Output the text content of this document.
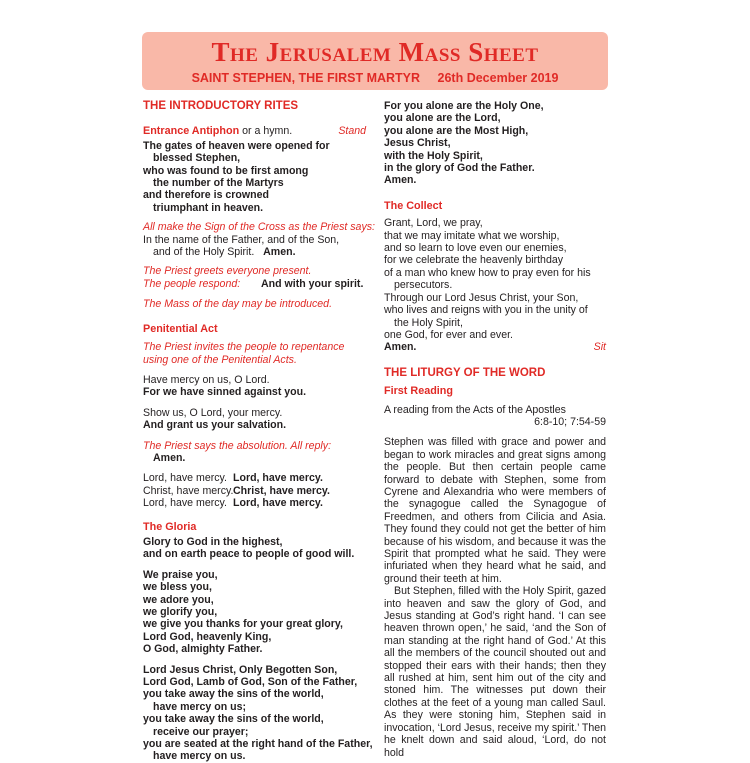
The Jerusalem Mass Sheet
SAINT STEPHEN, THE FIRST MARTYR 26th December 2019
THE INTRODUCTORY RITES
Entrance Antiphon or a hymn.	Stand
The gates of heaven were opened for
blessed Stephen,
who was found to be first among
the number of the Martyrs
and therefore is crowned
triumphant in heaven.
All make the Sign of the Cross as the Priest says:
In the name of the Father, and of the Son,
and of the Holy Spirit. Amen.
The Priest greets everyone present.
The people respond:	And with your spirit.
The Mass of the day may be introduced.
Penitential Act
The Priest invites the people to repentance
using one of the Penitential Acts.
Have mercy on us, O Lord.
For we have sinned against you.
Show us, O Lord, your mercy.
And grant us your salvation.
The Priest says the absolution. All reply:
Amen.
Lord, have mercy. Lord, have mercy.
Christ, have mercy.Christ, have mercy.
Lord, have mercy. Lord, have mercy.
The Gloria
Glory to God in the highest,
and on earth peace to people of good will.
We praise you,
we bless you,
we adore you,
we glorify you,
we give you thanks for your great glory,
Lord God, heavenly King,
O God, almighty Father.
Lord Jesus Christ, Only Begotten Son,
Lord God, Lamb of God, Son of the Father,
you take away the sins of the world,
have mercy on us;
you take away the sins of the world,
receive our prayer;
you are seated at the right hand of the Father,
have mercy on us.
For you alone are the Holy One,
you alone are the Lord,
you alone are the Most High,
Jesus Christ,
with the Holy Spirit,
in the glory of God the Father.
Amen.
The Collect
Grant, Lord, we pray,
that we may imitate what we worship,
and so learn to love even our enemies,
for we celebrate the heavenly birthday
of a man who knew how to pray even for his
persecutors.
Through our Lord Jesus Christ, your Son,
who lives and reigns with you in the unity of
the Holy Spirit,
one God, for ever and ever.
Amen.	Sit
THE LITURGY OF THE WORD
First Reading
A reading from the Acts of the Apostles
6:8-10; 7:54-59

Stephen was filled with grace and power and began to work miracles and great signs among the people. But then certain people came forward to debate with Stephen, some from Cyrene and Alexandria who were members of the synagogue called the Synagogue of Freedmen, and others from Cilicia and Asia. They found they could not get the better of him because of his wisdom, and because it was the Spirit that prompted what he said. They were infuriated when they heard what he said, and ground their teeth at him.

But Stephen, filled with the Holy Spirit, gazed into heaven and saw the glory of God, and Jesus standing at God’s right hand. ‘I can see heaven thrown open,’ he said, ‘and the Son of man standing at the right hand of God.’ At this all the members of the council shouted out and stopped their ears with their hands; then they all rushed at him, sent him out of the city and stoned him. The witnesses put down their clothes at the feet of a young man called Saul. As they were stoning him, Stephen said in invocation, ‘Lord Jesus, receive my spirit.’ Then he knelt down and said aloud, ‘Lord, do not hold
